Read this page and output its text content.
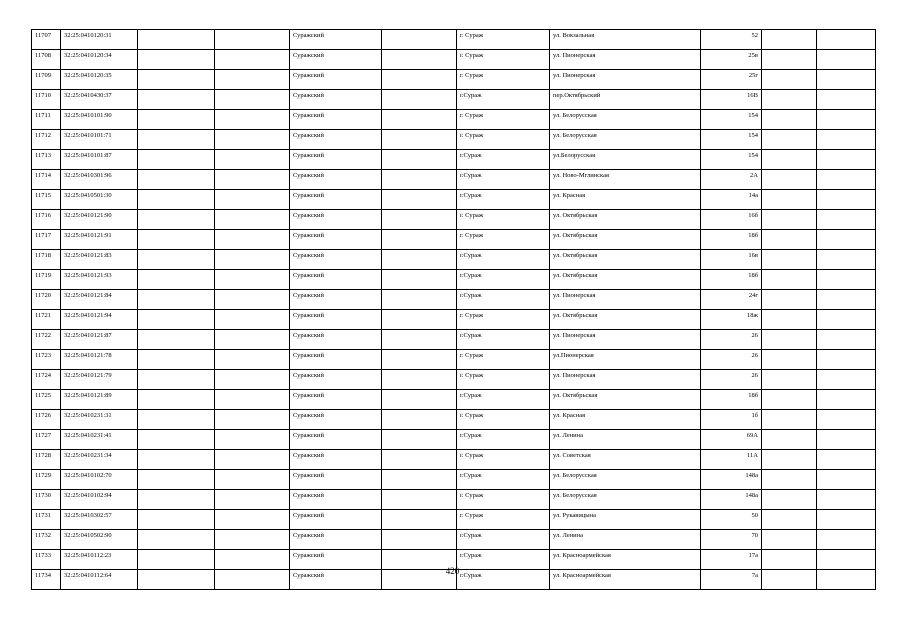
11707	32:25:0410120:31			Суражский		г. Сураж	ул. Вокзальная	52		
11708	32:25:0410120:34			Суражский		г. Сураж	ул. Пионерская	25в		
11709	32:25:0410120:35			Суражский		г. Сураж	ул. Пионерская	25г		
11710	32:25:0410430:37			Суражский		г.Сураж	пер.Октябрьский	16В		
11711	32:25:0410101:90			Суражский		г. Сураж	ул. Белорусская	154		
11712	32:25:0410101:71			Суражский		г. Сураж	ул. Белорусская	154		
11713	32:25:0410101:87			Суражский		г.Сураж	ул.Белорусская	154		
11714	32:25:0410301:96			Суражский		г.Сураж	ул. Ново-Мглинская	2А		
11715	32:25:0410501:30			Суражский		г.Сураж	ул. Красная	14а		
11716	32:25:0410121:90			Суражский		г. Сураж	ул. Октябрьская	16б		
11717	32:25:0410121:91			Суражский		г. Сураж	ул. Октябрьская	18б		
11718	32:25:0410121:83			Суражский		г.Сураж	ул. Октябрьская	16в		
11719	32:25:0410121:93			Суражский		г.Сураж	ул. Октябрьская	18б		
11720	32:25:0410121:84			Суражский		г.Сураж	ул. Пионерская	24г		
11721	32:25:0410121:94			Суражский		г. Сураж	ул. Октябрьская	18ж		
11722	32:25:0410121:87			Суражский		г.Сураж	ул. Пионерская	26		
11723	32:25:0410121:78			Суражский		г. Сураж	ул.Пионерская	26		
11724	32:25:0410121:79			Суражский		г. Сураж	ул. Пионерская	26		
11725	32:25:0410121:89			Суражский		г.Сураж	ул. Октябрьская	18б		
11726	32:25:0410231:31			Суражский		г. Сураж	ул. Красная	1б		
11727	32:25:0410231:41			Суражский		г.Сураж	ул. Ленина	69А		
11728	32:25:0410231:34			Суражский		г. Сураж	ул. Советская	11А		
11729	32:25:0410102:70			Суражский		г.Сураж	ул. Белорусская	148а		
11730	32:25:0410102:94			Суражский		г. Сураж	ул. Белорусская	148а		
11731	32:25:0410302:57			Суражский		г. Сураж	ул. Рукавицына	50		
11732	32:25:0410502:90			Суражский		г.Сураж	ул. Ленина	70		
11733	32:25:0410112:23			Суражский		г.Сураж	ул. Красноармейская	17а		
11734	32:25:0410112:64			Суражский		г.Сураж	ул. Красноармейская	7а		
420
